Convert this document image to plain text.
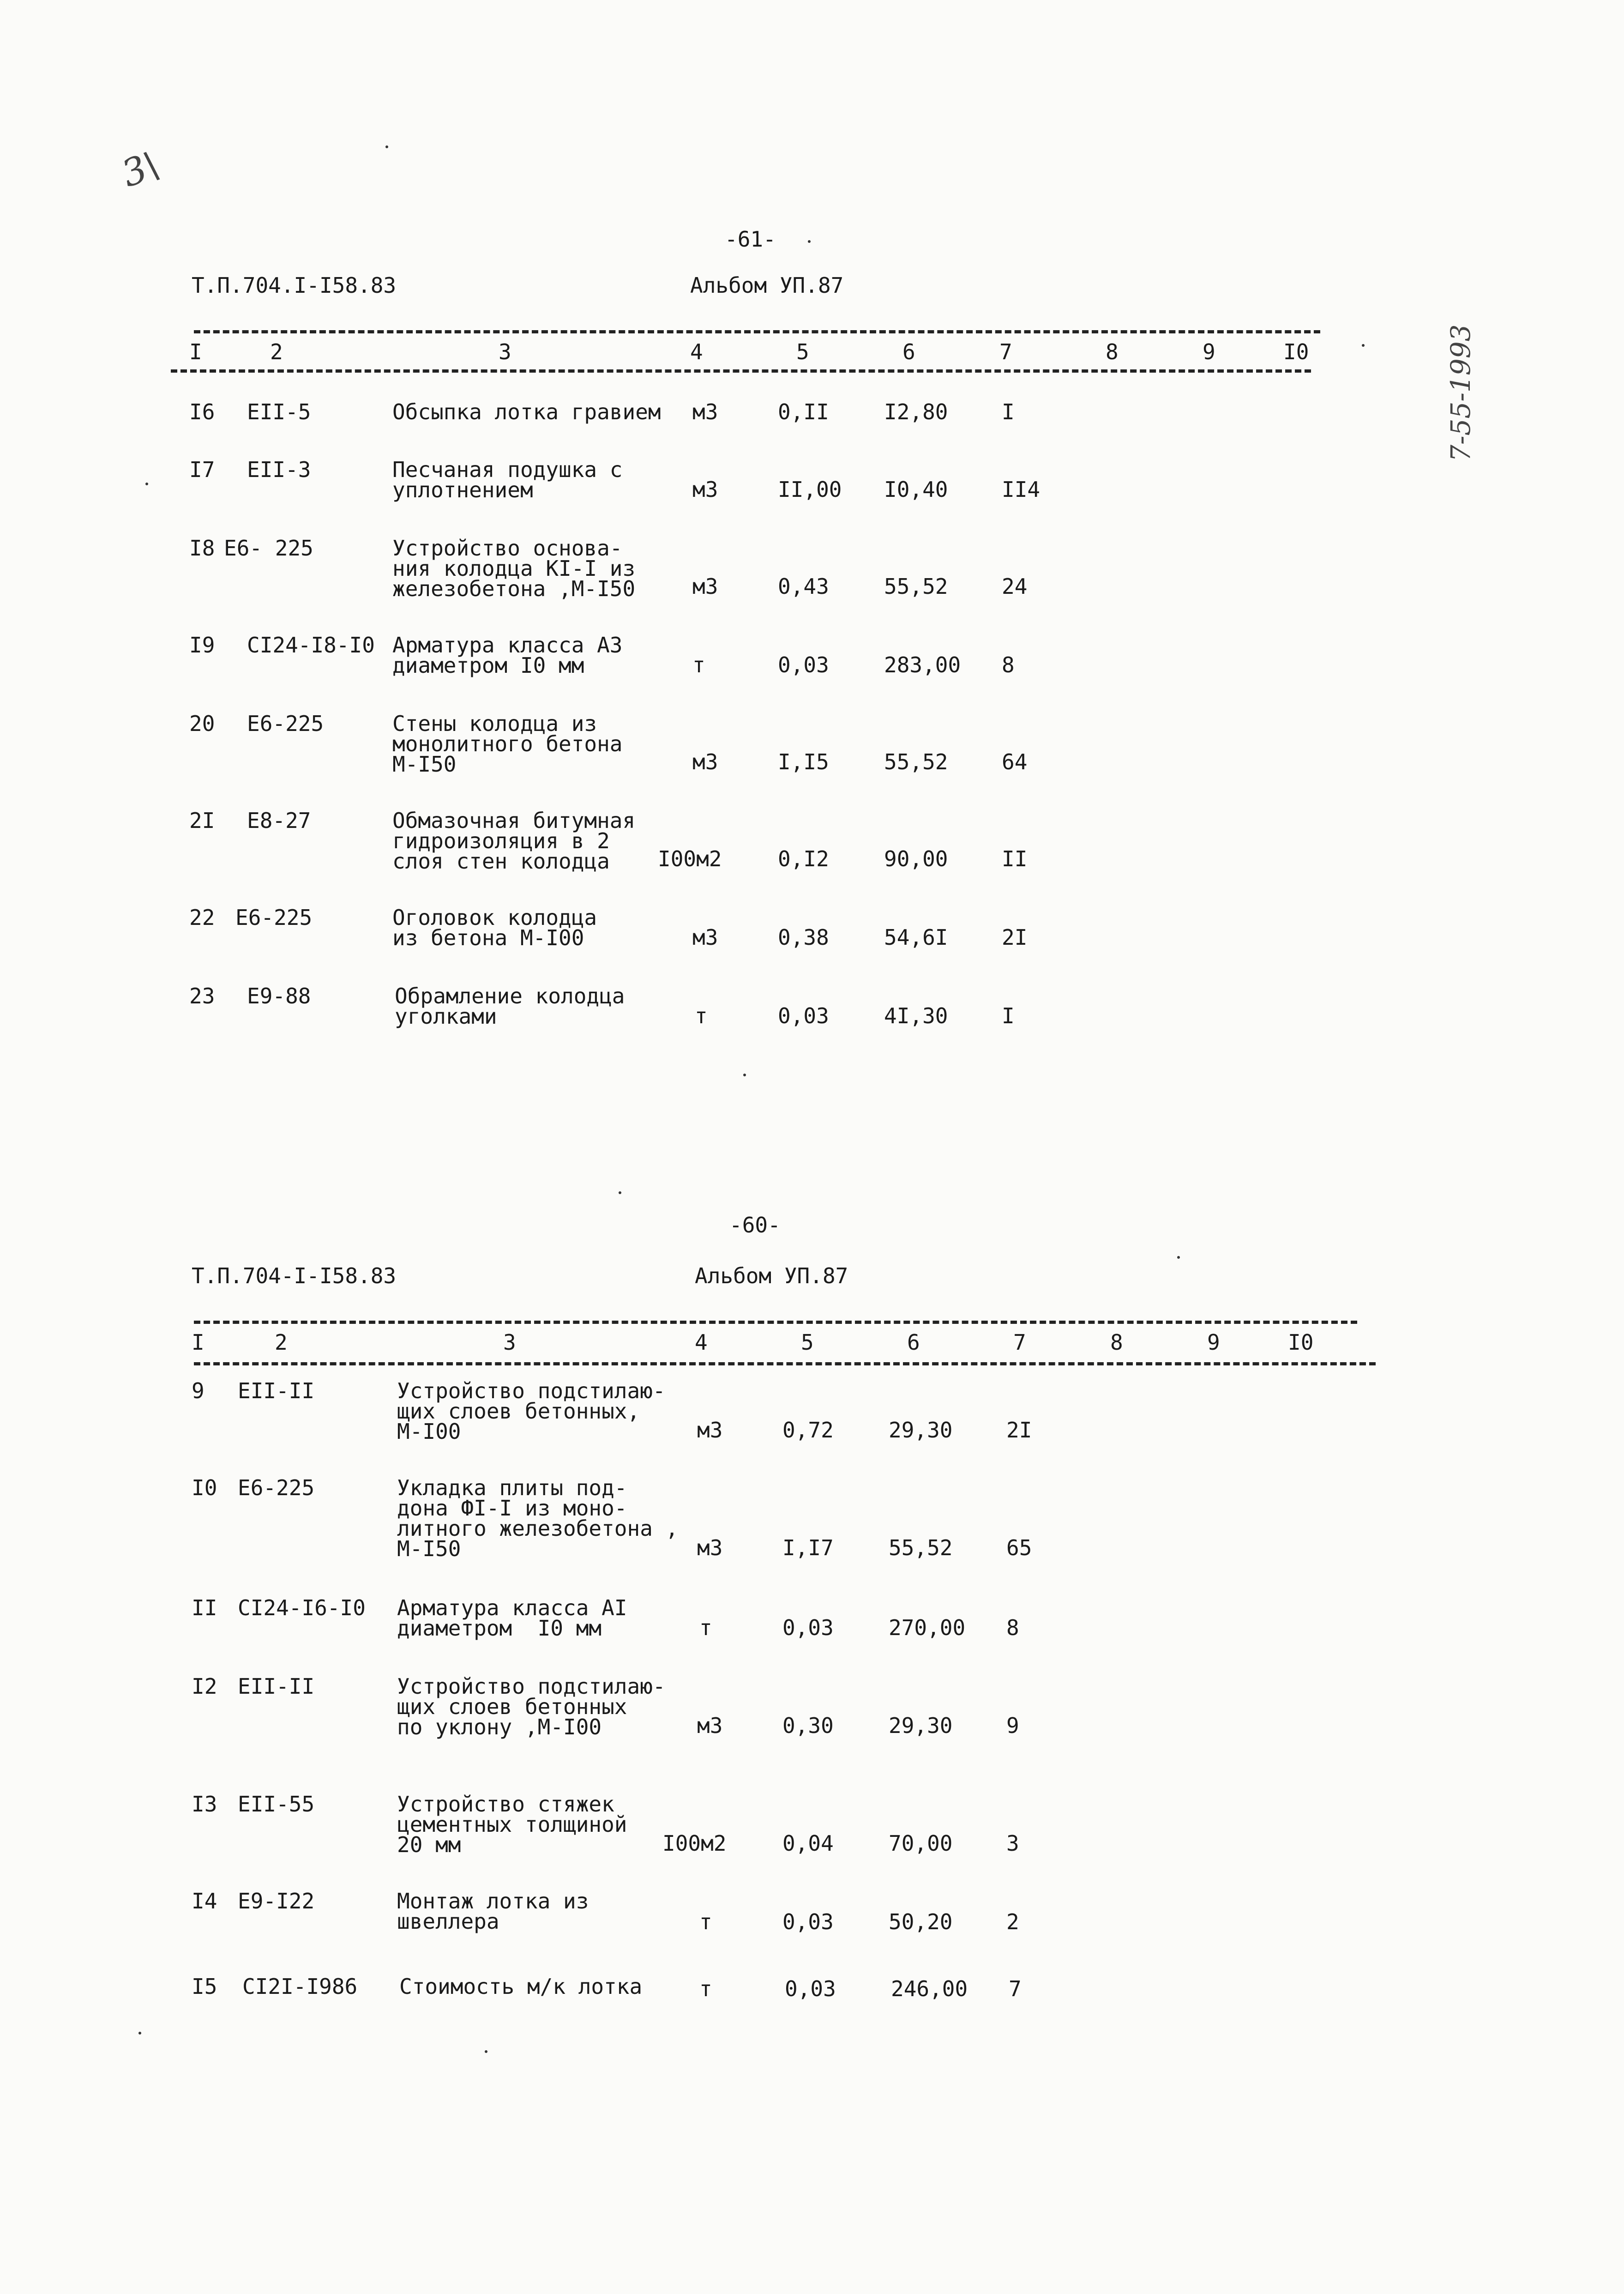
3\
7-55-1993
-61-
Т.П.704.I-I58.83	Альбом УП.87
I	2	3	4	5	6	7	8	9	I0
I6 EII-5	Обсыпка лотка гравием м3	0,II	I2,80	I
I7 EII-3	Песчаная подушка с
уплотнением	м3	II,00 I0,40	II4
I8 E6- 225	Устройство основа-
ния колодца КI-I из
железобетона ,М-I50	м3	0,43	55,52	24
I9 CI24-I8-I0 Арматура класса А3
диаметром I0 мм	т	0,03	283,00 8
20 E6-225	Стены колодца из
монолитного бетона
М-I50	м3	I,I5	55,52	64
2I E8-27	Обмазочная битумная
гидроизоляция в 2
слоя стен колодца	I00м2	0,I2	90,00	II
22 E6-225	Оголовок колодца
из бетона М-I00	м3	0,38	54,6I	2I
23 E9-88	Обрамление колодца
уголками	т	0,03	4I,30	I
-60-
Т.П.704-I-I58.83	Альбом УП.87
I	2	3	4	5	6	7	8	9	I0
9 EII-II	Устройство подстилаю-
щих слоев бетонных,
М-I00	м3	0,72	29,30	2I
I0 E6-225	Укладка плиты под-
дона ФI-I из моно-
литного железобетона ,
М-I50	м3	I,I7	55,52	65
II CI24-I6-I0 Арматура класса АI
диаметром  I0 мм	т	0,03	270,00 8
I2 EII-II	Устройство подстилаю-
щих слоев бетонных
по уклону ,М-I00	м3	0,30	29,30	9
I3 EII-55	Устройство стяжек
цементных толщиной
20 мм	I00м2	0,04	70,00	3
I4 E9-I22	Монтаж лотка из
швеллера	т	0,03	50,20	2
I5 CI2I-I986 Стоимость м/к лотка	т	0,03	246,00 7
